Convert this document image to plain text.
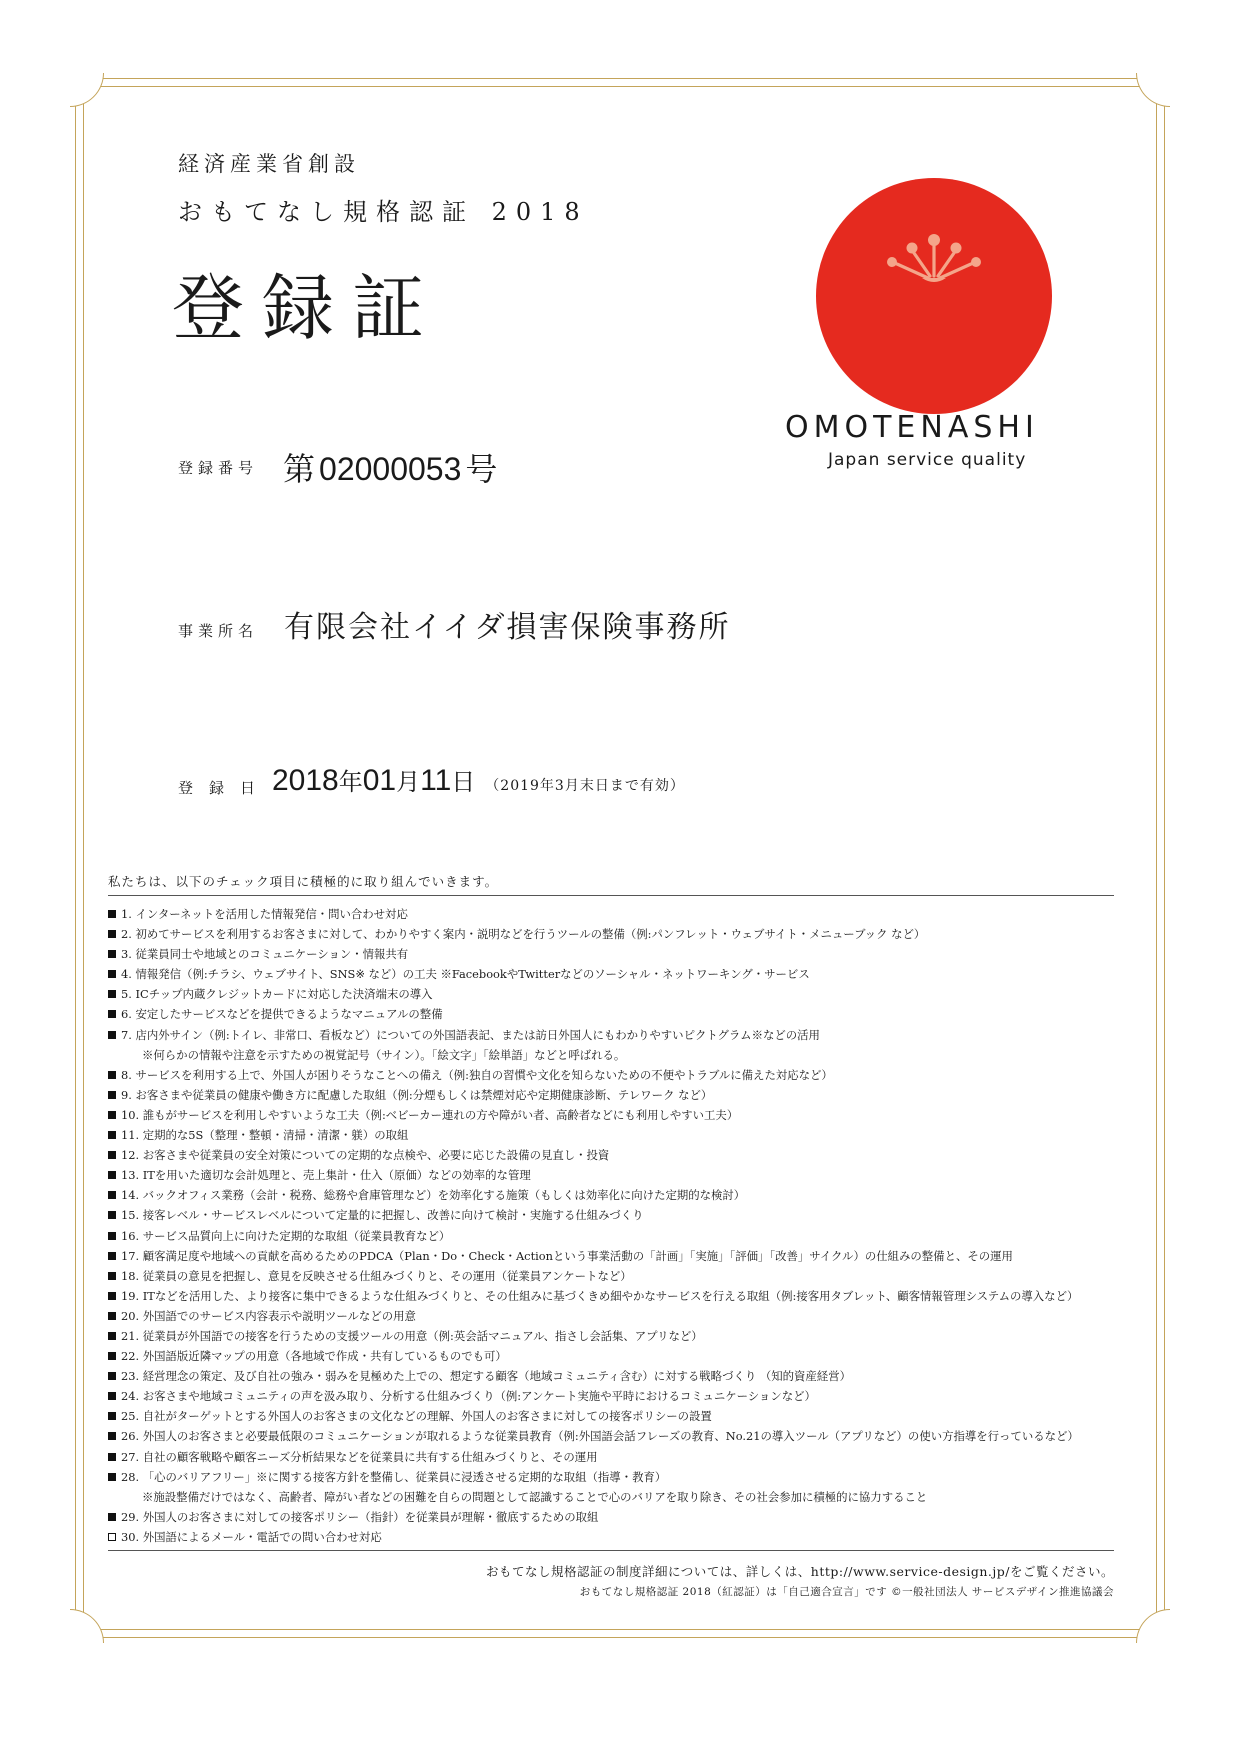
経済産業省創設
おもてなし規格認証 2018
登録証
OMOTENASHI
Japan service quality
登録番号 第 02000053 号
事業所名 有限会社イイダ損害保険事務所
登録日 2018年01月11日 （2019年3月末日まで有効）
私たちは、以下のチェック項目に積極的に取り組んでいきます。
1. インターネットを活用した情報発信・問い合わせ対応
2. 初めてサービスを利用するお客さまに対して、わかりやすく案内・説明などを行うツールの整備（例:パンフレット・ウェブサイト・メニューブック など）
3. 従業員同士や地域とのコミュニケーション・情報共有
4. 情報発信（例:チラシ、ウェブサイト、SNS※ など）の工夫 ※FacebookやTwitterなどのソーシャル・ネットワーキング・サービス
5. ICチップ内蔵クレジットカードに対応した決済端末の導入
6. 安定したサービスなどを提供できるようなマニュアルの整備
7. 店内外サイン（例:トイレ、非常口、看板など）についての外国語表記、または訪日外国人にもわかりやすいピクトグラム※などの活用
※何らかの情報や注意を示すための視覚記号（サイン）。「絵文字」「絵単語」などと呼ばれる。
8. サービスを利用する上で、外国人が困りそうなことへの備え（例:独自の習慣や文化を知らないための不便やトラブルに備えた対応など）
9. お客さまや従業員の健康や働き方に配慮した取組（例:分煙もしくは禁煙対応や定期健康診断、テレワーク など）
10. 誰もがサービスを利用しやすいような工夫（例:ベビーカー連れの方や障がい者、高齢者などにも利用しやすい工夫）
11. 定期的な5S（整理・整頓・清掃・清潔・躾）の取組
12. お客さまや従業員の安全対策についての定期的な点検や、必要に応じた設備の見直し・投資
13. ITを用いた適切な会計処理と、売上集計・仕入（原価）などの効率的な管理
14. バックオフィス業務（会計・税務、総務や倉庫管理など）を効率化する施策（もしくは効率化に向けた定期的な検討）
15. 接客レベル・サービスレベルについて定量的に把握し、改善に向けて検討・実施する仕組みづくり
16. サービス品質向上に向けた定期的な取組（従業員教育など）
17. 顧客満足度や地域への貢献を高めるためのPDCA（Plan・Do・Check・Actionという事業活動の「計画」「実施」「評価」「改善」サイクル）の仕組みの整備と、その運用
18. 従業員の意見を把握し、意見を反映させる仕組みづくりと、その運用（従業員アンケートなど）
19. ITなどを活用した、より接客に集中できるような仕組みづくりと、その仕組みに基づくきめ細やかなサービスを行える取組（例:接客用タブレット、顧客情報管理システムの導入など）
20. 外国語でのサービス内容表示や説明ツールなどの用意
21. 従業員が外国語での接客を行うための支援ツールの用意（例:英会話マニュアル、指さし会話集、アプリなど）
22. 外国語版近隣マップの用意（各地域で作成・共有しているものでも可）
23. 経営理念の策定、及び自社の強み・弱みを見極めた上での、想定する顧客（地域コミュニティ含む）に対する戦略づくり （知的資産経営）
24. お客さまや地域コミュニティの声を汲み取り、分析する仕組みづくり（例:アンケート実施や平時におけるコミュニケーションなど）
25. 自社がターゲットとする外国人のお客さまの文化などの理解、外国人のお客さまに対しての接客ポリシーの設置
26. 外国人のお客さまと必要最低限のコミュニケーションが取れるような従業員教育（例:外国語会話フレーズの教育、No.21の導入ツール（アプリなど）の使い方指導を行っているなど）
27. 自社の顧客戦略や顧客ニーズ分析結果などを従業員に共有する仕組みづくりと、その運用
28. 「心のバリアフリー」※に関する接客方針を整備し、従業員に浸透させる定期的な取組（指導・教育）
※施設整備だけではなく、高齢者、障がい者などの困難を自らの問題として認識することで心のバリアを取り除き、その社会参加に積極的に協力すること
29. 外国人のお客さまに対しての接客ポリシー（指針）を従業員が理解・徹底するための取組
30. 外国語によるメール・電話での問い合わせ対応
おもてなし規格認証の制度詳細については、詳しくは、http://www.service-design.jp/をご覧ください。
おもてなし規格認証 2018（紅認証）は「自己適合宣言」です ©一般社団法人 サービスデザイン推進協議会
